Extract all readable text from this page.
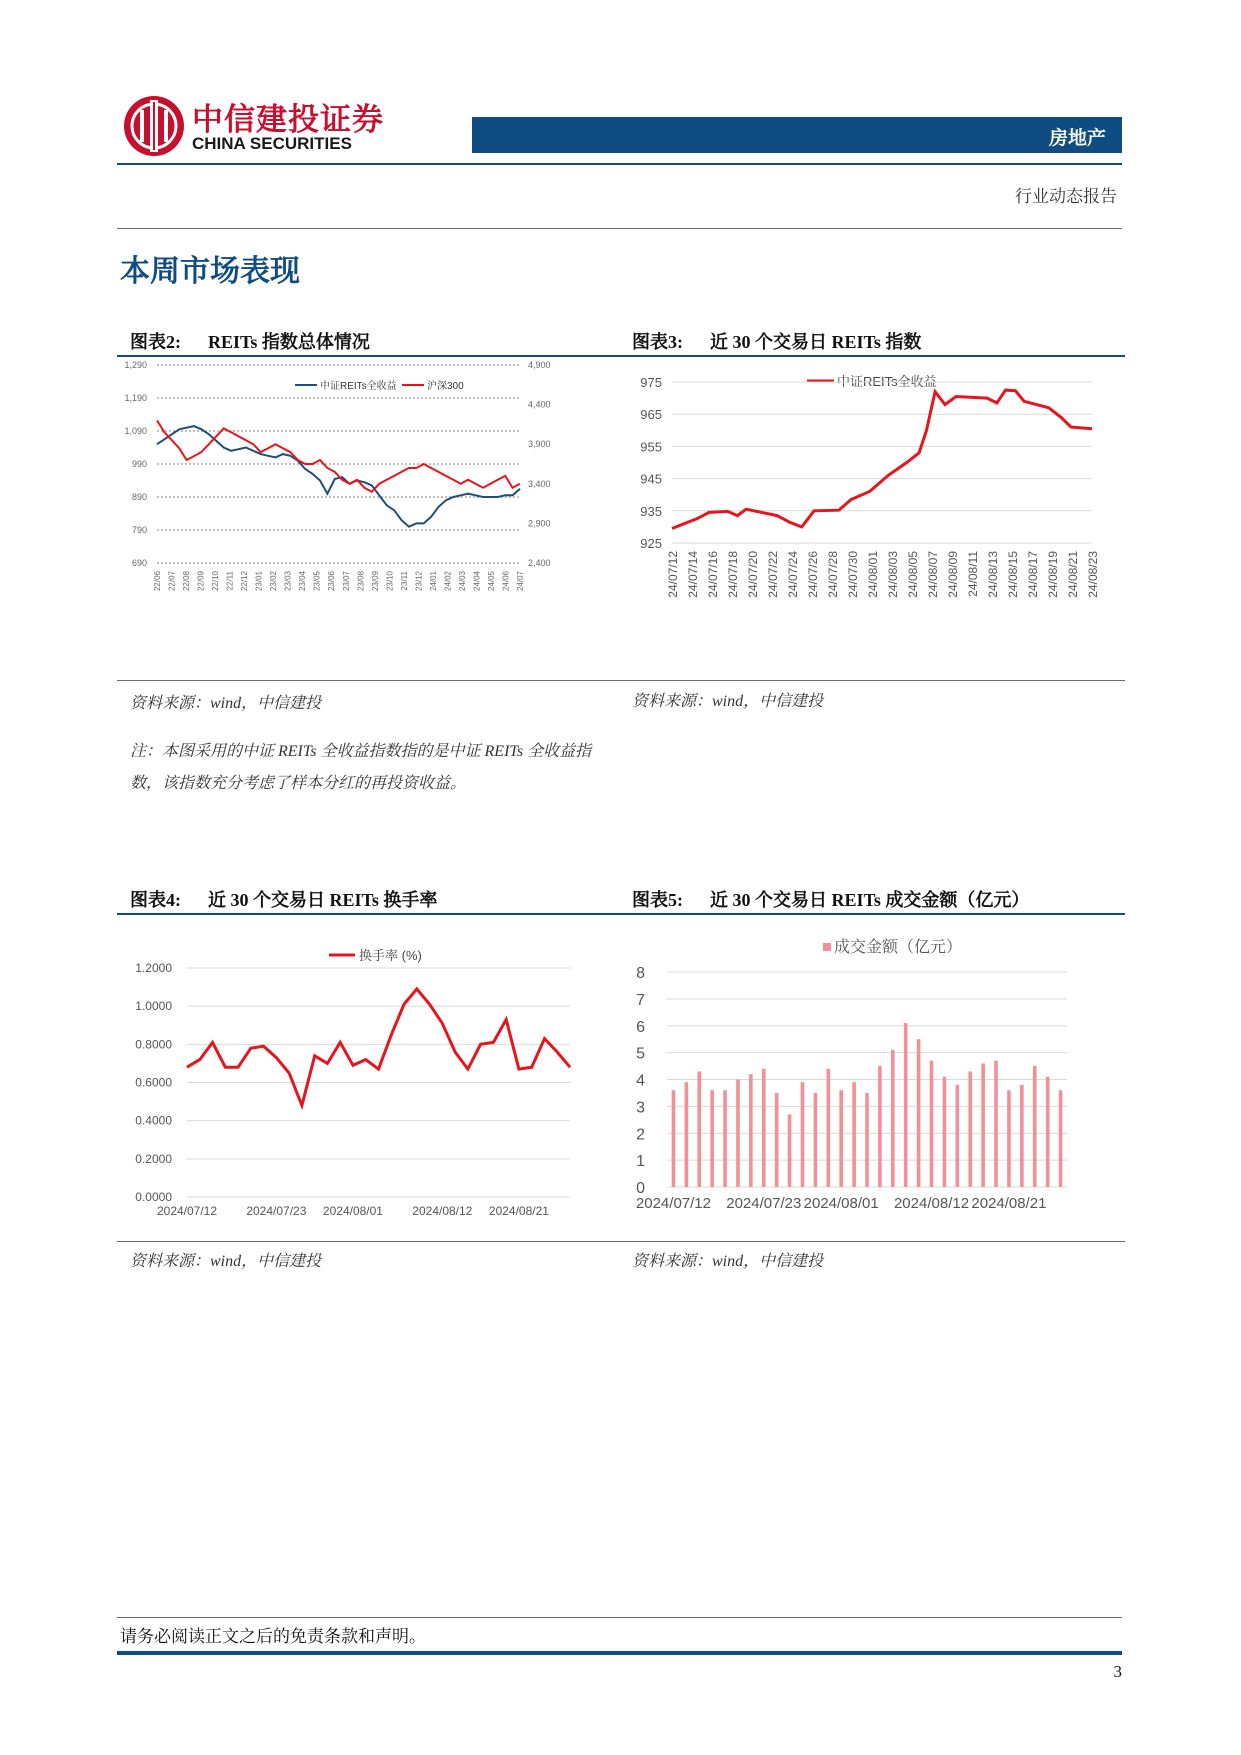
中信建投证券
CHINA SECURITIES	房地产
行业动态报告
本周市场表现
图表2: REITs 指数总体情况
中证REITs全收益	沪深300
1,290
1,190
1,090
990
890
790
690
4,900
4,400
3,900
3,400
2,900
2,400
22/06 22/07 22/08 22/09 22/10 22/11 22/12 23/01 23/02 23/03 23/04 23/05 23/06 23/07 23/08 23/09 23/10 23/11 23/12 24/01 24/02 24/03 24/04 24/05 24/06 24/07
资料来源：wind，中信建投
注：本图采用的中证 REITs 全收益指数指的是中证 REITs 全收益指
数，该指数充分考虑了样本分红的再投资收益。
图表3: 近 30 个交易日 REITs 指数
中证REITs全收益
975
965
955
945
935
925
24/07/12 24/07/14 24/07/16 24/07/18 24/07/20 24/07/22 24/07/24 24/07/26 24/07/28 24/07/30 24/08/01 24/08/03 24/08/05 24/08/07 24/08/09 24/08/11 24/08/13 24/08/15 24/08/17 24/08/19 24/08/21 24/08/23
资料来源：wind，中信建投
图表4: 近 30 个交易日 REITs 换手率
换手率 (%)
1.2000
1.0000
0.8000
0.6000
0.4000
0.2000
0.0000
2024/07/12 2024/07/23 2024/08/01 2024/08/12 2024/08/21
资料来源：wind，中信建投
图表5: 近 30 个交易日 REITs 成交金额（亿元）
成交金额（亿元）
8
7
6
5
4
3
2
1
0
2024/07/12 2024/07/23 2024/08/01 2024/08/12 2024/08/21
资料来源：wind，中信建投
请务必阅读正文之后的免责条款和声明。
3
